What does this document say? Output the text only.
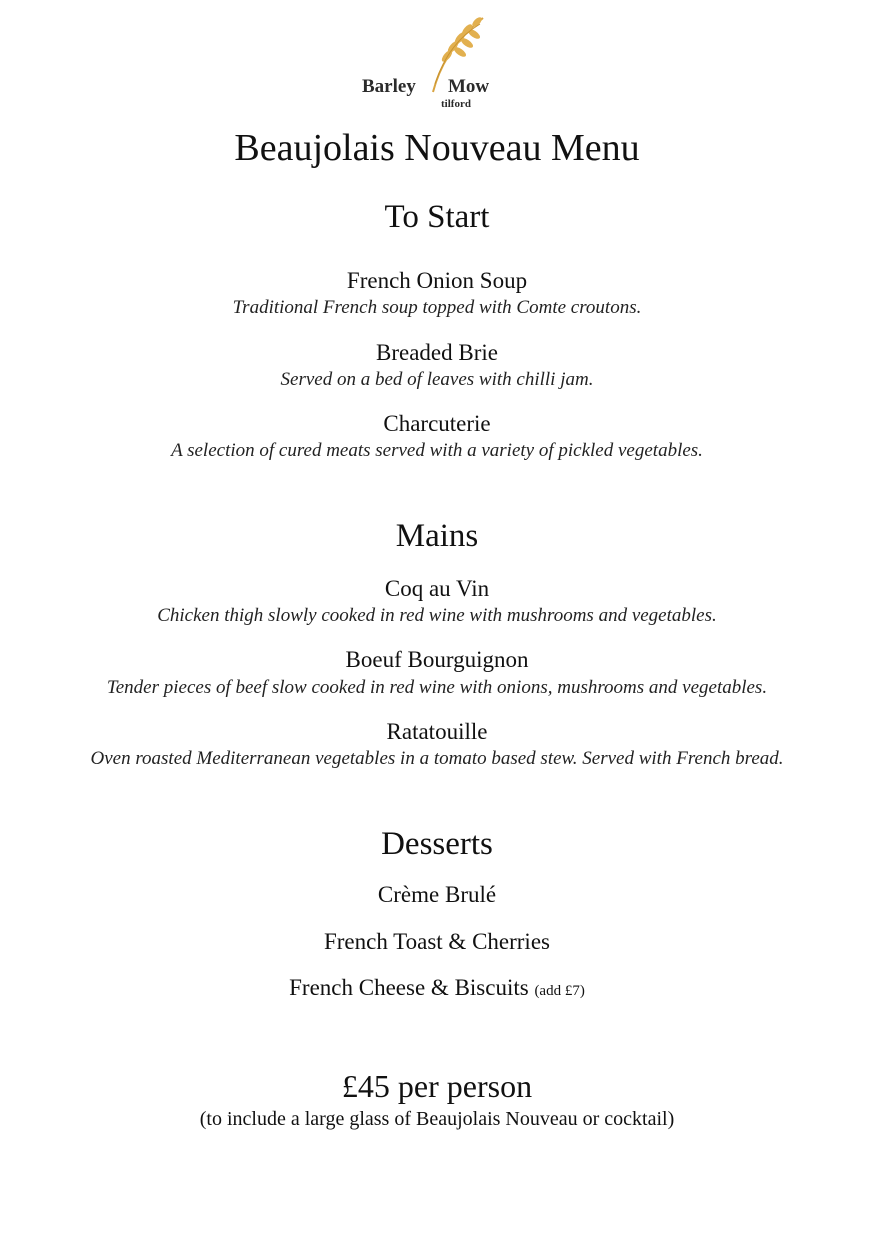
Barley Mow
tilford
Beaujolais Nouveau Menu
To Start
French Onion Soup
Traditional French soup topped with Comte croutons.
Breaded Brie
Served on a bed of leaves with chilli jam.
Charcuterie
A selection of cured meats served with a variety of pickled vegetables.
Mains
Coq au Vin
Chicken thigh slowly cooked in red wine with mushrooms and vegetables.
Boeuf Bourguignon
Tender pieces of beef slow cooked in red wine with onions, mushrooms and vegetables.
Ratatouille
Oven roasted Mediterranean vegetables in a tomato based stew. Served with French bread.
Desserts
Crème Brulé
French Toast & Cherries
French Cheese & Biscuits (add £7)
£45 per person
(to include a large glass of Beaujolais Nouveau or cocktail)
